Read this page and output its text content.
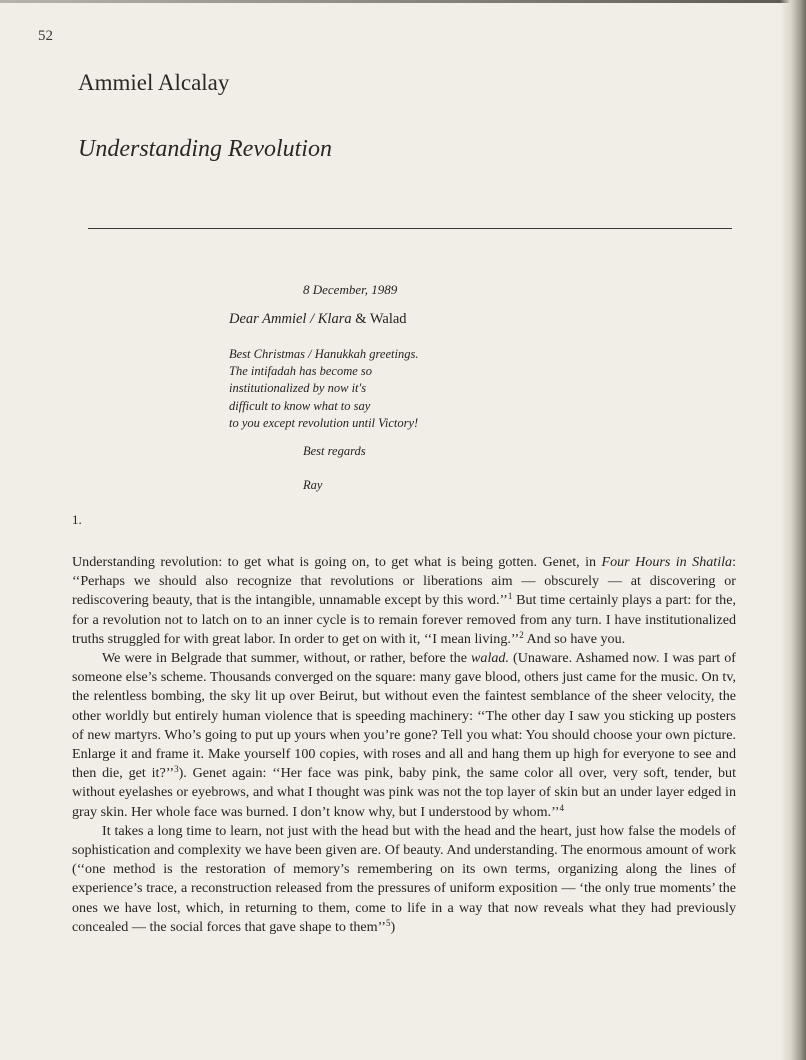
52
Ammiel Alcalay
Understanding Revolution
8 December, 1989
Dear Ammiel / Klara & Walad
Best Christmas / Hanukkah greetings.
The intifadah has become so
institutionalized by now it's
difficult to know what to say
to you except revolution until Victory!
Best regards
Ray
1.

Understanding revolution: to get what is going on, to get what is being gotten. Genet, in Four Hours in Shatila: ‘‘Perhaps we should also recognize that revolutions or liberations aim — obscurely — at discovering or rediscovering beauty, that is the intangible, unnamable except by this word.’’$^1$ But time certainly plays a part: for the, for a revolution not to latch on to an inner cycle is to remain forever removed from any turn. I have institutionalized truths struggled for with great labor. In order to get on with it, ‘‘I mean living.’’$^2$ And so have you.

We were in Belgrade that summer, without, or rather, before the walad. (Unaware. Ashamed now. I was part of someone else’s scheme. Thousands converged on the square: many gave blood, others just came for the music. On tv, the relentless bombing, the sky lit up over Beirut, but without even the faintest semblance of the sheer velocity, the other worldly but entirely human violence that is speeding machinery: ‘‘The other day I saw you sticking up posters of new martyrs. Who’s going to put up yours when you’re gone? Tell you what: You should choose your own picture. Enlarge it and frame it. Make yourself 100 copies, with roses and all and hang them up high for everyone to see and then die, get it?’’$^3$). Genet again: ‘‘Her face was pink, baby pink, the same color all over, very soft, tender, but without eyelashes or eyebrows, and what I thought was pink was not the top layer of skin but an under layer edged in gray skin. Her whole face was burned. I don’t know why, but I understood by whom.’’$^4$

It takes a long time to learn, not just with the head but with the head and the heart, just how false the models of sophistication and complexity we have been given are. Of beauty. And understanding. The enormous amount of work (‘‘one method is the restoration of memory’s remembering on its own terms, organizing along the lines of experience’s trace, a reconstruction released from the pressures of uniform exposition — ‘the only true moments’ the ones we have lost, which, in returning to them, come to life in a way that now reveals what they had previously concealed — the social forces that gave shape to them’’$^5$)
